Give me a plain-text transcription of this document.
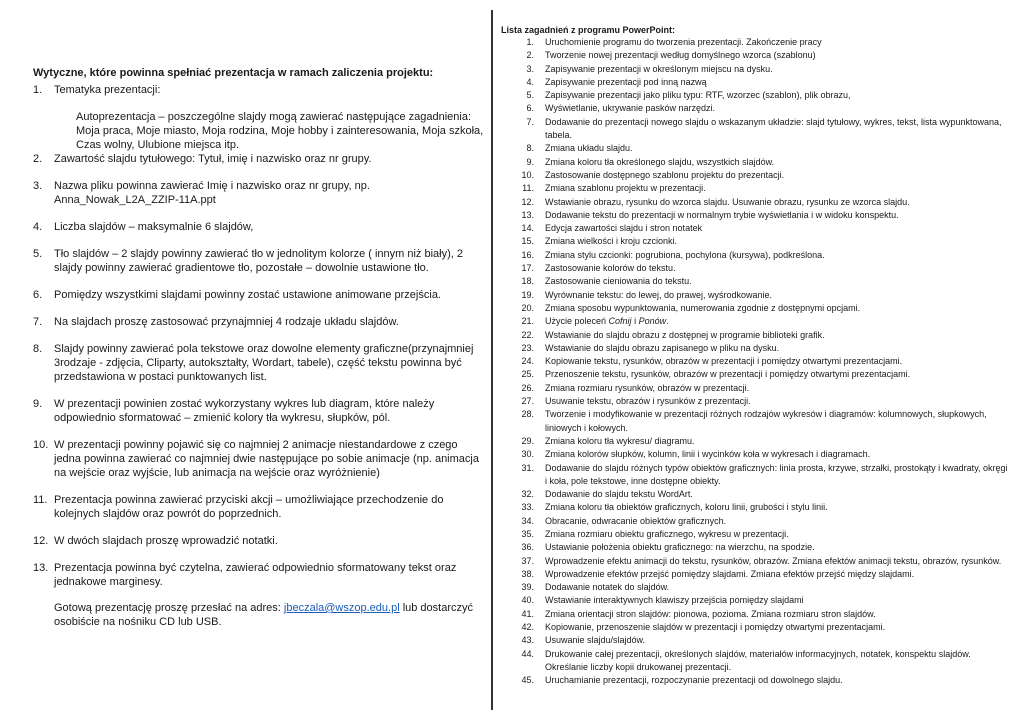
Wytyczne, które powinna spełniać prezentacja w ramach zaliczenia projektu:
1. Tematyka prezentacji:
Autoprezentacja – poszczególne slajdy mogą zawierać następujące zagadnienia: Moja praca, Moje miasto, Moja rodzina, Moje hobby i zainteresowania, Moja szkoła, Czas wolny, Ulubione miejsca itp.
2. Zawartość slajdu tytułowego: Tytuł, imię i nazwisko oraz nr grupy.
3. Nazwa pliku powinna zawierać Imię i nazwisko oraz nr grupy, np. Anna_Nowak_L2A_ZZIP-11A.ppt
4. Liczba slajdów – maksymalnie 6 slajdów,
5. Tło slajdów – 2 slajdy powinny zawierać tło w jednolitym kolorze ( innym niż biały), 2 slajdy powinny zawierać gradientowe tło, pozostałe – dowolnie ustawione tło.
6. Pomiędzy wszystkimi slajdami powinny zostać ustawione animowane przejścia.
7. Na slajdach proszę zastosować przynajmniej 4 rodzaje układu slajdów.
8. Slajdy powinny zawierać pola tekstowe oraz dowolne elementy graficzne(przynajmniej 3rodzaje - zdjęcia, Cliparty, autokształty, Wordart, tabele), część tekstu powinna być przedstawiona w postaci punktowanych list.
9. W prezentacji powinien zostać wykorzystany wykres lub diagram, które należy odpowiednio sformatować – zmienić kolory tła wykresu, słupków, pól.
10. W prezentacji powinny pojawić się co najmniej 2 animacje niestandardowe z czego jedna powinna zawierać co najmniej dwie następujące po sobie animacje (np. animacja na wejście oraz wyjście, lub animacja na wejście oraz wyróżnienie)
11. Prezentacja powinna zawierać przyciski akcji – umożliwiające przechodzenie do kolejnych slajdów oraz powrót do poprzednich.
12. W dwóch slajdach proszę wprowadzić notatki.
13. Prezentacja powinna być czytelna, zawierać odpowiednio sformatowany tekst oraz jednakowe marginesy.
Gotową prezentację proszę przesłać na adres: jbeczala@wszop.edu.pl lub dostarczyć osobiście na nośniku CD lub USB.
Lista zagadnień z programu PowerPoint:
1. Uruchomienie programu do tworzenia prezentacji. Zakończenie pracy
2. Tworzenie nowej prezentacji według domyślnego wzorca (szablonu)
3. Zapisywanie prezentacji w określonym miejscu na dysku.
4. Zapisywanie prezentacji pod inną nazwą
5. Zapisywanie prezentacji jako pliku typu: RTF, wzorzec (szablon), plik obrazu,
6. Wyświetlanie, ukrywanie pasków narzędzi.
7. Dodawanie do prezentacji nowego slajdu o wskazanym układzie: slajd tytułowy, wykres, tekst, lista wypunktowana, tabela.
8. Zmiana układu slajdu.
9. Zmiana koloru tła określonego slajdu, wszystkich slajdów.
10. Zastosowanie dostępnego szablonu projektu do prezentacji.
11. Zmiana szablonu projektu w prezentacji.
12. Wstawianie obrazu, rysunku do wzorca slajdu. Usuwanie obrazu, rysunku ze wzorca slajdu.
13. Dodawanie tekstu do prezentacji w normalnym trybie wyświetlania i w widoku konspektu.
14. Edycja zawartości slajdu i stron notatek
15. Zmiana wielkości i kroju czcionki.
16. Zmiana stylu czcionki: pogrubiona, pochylona (kursywa), podkreślona.
17. Zastosowanie kolorów do tekstu.
18. Zastosowanie cieniowania do tekstu.
19. Wyrównanie tekstu: do lewej, do prawej, wyśrodkowanie.
20. Zmiana sposobu wypunktowania, numerowania zgodnie z dostępnymi opcjami.
21. Użycie poleceń Cofnij i Ponów.
22. Wstawianie do slajdu obrazu z dostępnej w programie biblioteki grafik.
23. Wstawianie do slajdu obrazu zapisanego w pliku na dysku.
24. Kopiowanie tekstu, rysunków, obrazów w prezentacji i pomiędzy otwartymi prezentacjami.
25. Przenoszenie tekstu, rysunków, obrazów w prezentacji i pomiędzy otwartymi prezentacjami.
26. Zmiana rozmiaru rysunków, obrazów w prezentacji.
27. Usuwanie tekstu, obrazów i rysunków z prezentacji.
28. Tworzenie i modyfikowanie w prezentacji różnych rodzajów wykresów i diagramów: kolumnowych, słupkowych, liniowych i kołowych.
29. Zmiana koloru tła wykresu/ diagramu.
30. Zmiana kolorów słupków, kolumn, linii i wycinków koła w wykresach i diagramach.
31. Dodawanie do slajdu różnych typów obiektów graficznych: linia prosta, krzywe, strzałki, prostokąty i kwadraty, okręgi i koła, pole tekstowe, inne dostępne obiekty.
32. Dodawanie do slajdu tekstu WordArt.
33. Zmiana koloru tła obiektów graficznych, koloru linii, grubości i stylu linii.
34. Obracanie, odwracanie obiektów graficznych.
35. Zmiana rozmiaru obiektu graficznego, wykresu w prezentacji.
36. Ustawianie położenia obiektu graficznego: na wierzchu, na spodzie.
37. Wprowadzenie efektu animacji do tekstu, rysunków, obrazów. Zmiana efektów animacji tekstu, obrazów, rysunków.
38. Wprowadzenie efektów przejść pomiędzy slajdami. Zmiana efektów przejść między slajdami.
39. Dodawanie notatek do slajdów.
40. Wstawianie interaktywnych klawiszy przejścia pomiędzy slajdami
41. Zmiana orientacji stron slajdów: pionowa, pozioma. Zmiana rozmiaru stron slajdów.
42. Kopiowanie, przenoszenie slajdów w prezentacji i pomiędzy otwartymi prezentacjami.
43. Usuwanie slajdu/slajdów.
44. Drukowanie całej prezentacji, określonych slajdów, materiałów informacyjnych, notatek, konspektu slajdów. Określanie liczby kopii drukowanej prezentacji.
45. Uruchamianie prezentacji, rozpoczynanie prezentacji od dowolnego slajdu.
